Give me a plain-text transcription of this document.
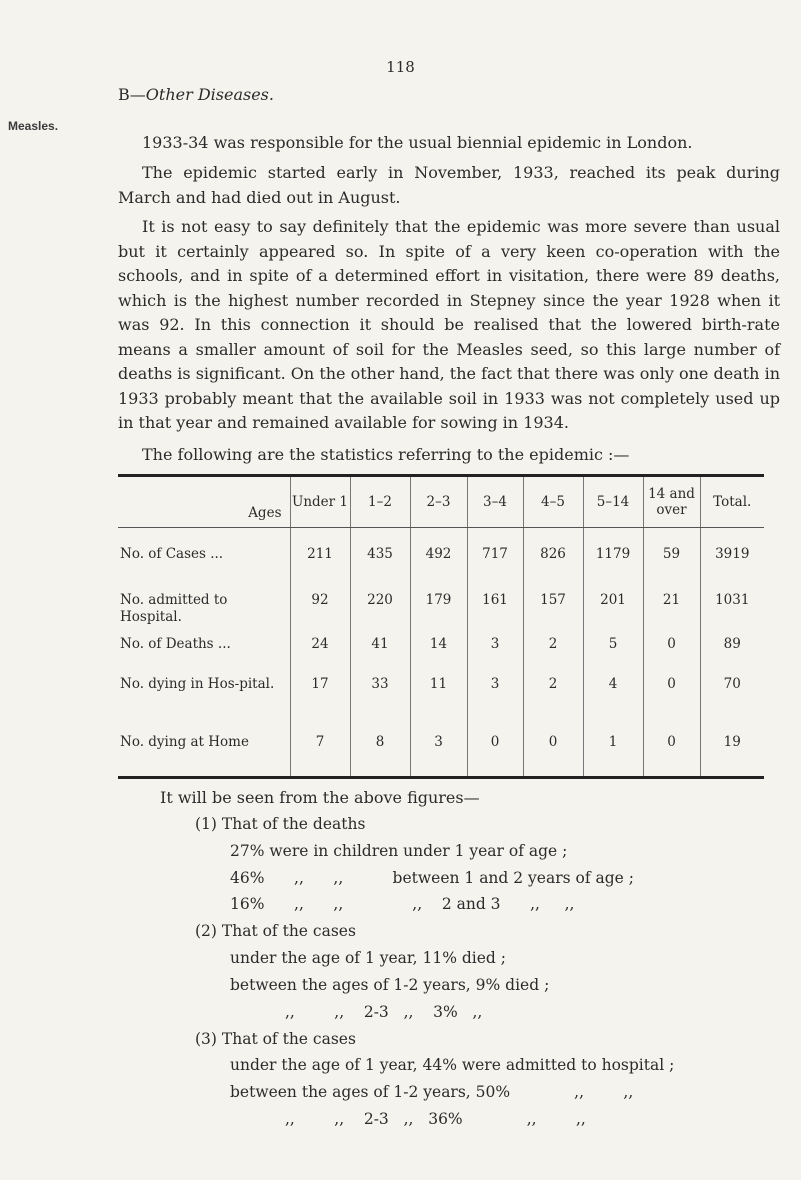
118
Measles.
B—Other Diseases.

1933-34 was responsible for the usual biennial epidemic in London.

The epidemic started early in November, 1933, reached its peak during March and had died out in August.

It is not easy to say definitely that the epidemic was more severe than usual but it certainly appeared so. In spite of a very keen co-operation with the schools, and in spite of a determined effort in visitation, there were 89 deaths, which is the highest number recorded in Stepney since the year 1928 when it was 92. In this connection it should be realised that the lowered birth-rate means a smaller amount of soil for the Measles seed, so this large number of deaths is significant. On the other hand, the fact that there was only one death in 1933 probably meant that the available soil in 1933 was not completely used up in that year and remained available for sowing in 1934.

The following are the statistics referring to the epidemic :—

Ages	Under 1	1–2	2–3	3–4	4–5	5–14	14 and over	Total.
No. of Cases ...	211	435	492	717	826	1179	59	3919
No. admitted to Hospital.	92	220	179	161	157	201	21	1031
No. of Deaths ...	24	41	14	3	2	5	0	89
No. dying in Hos-pital.	17	33	11	3	2	4	0	70
No. dying at Home	7	8	3	0	0	1	0	19
It will be seen from the above figures—
(1) That of the deaths
27% were in children under 1 year of age ;
46%      ,,      ,,          between 1 and 2 years of age ;
16%      ,,      ,,              ,,    2 and 3      ,,     ,,
(2) That of the cases
under the age of 1 year, 11% died ;
between the ages of 1-2 years, 9% died ;
,,        ,,    2-3   ,,    3%   ,,
(3) That of the cases
under the age of 1 year, 44% were admitted to hospital ;
between the ages of 1-2 years, 50%             ,,        ,,
,,        ,,    2-3   ,,   36%             ,,        ,,
